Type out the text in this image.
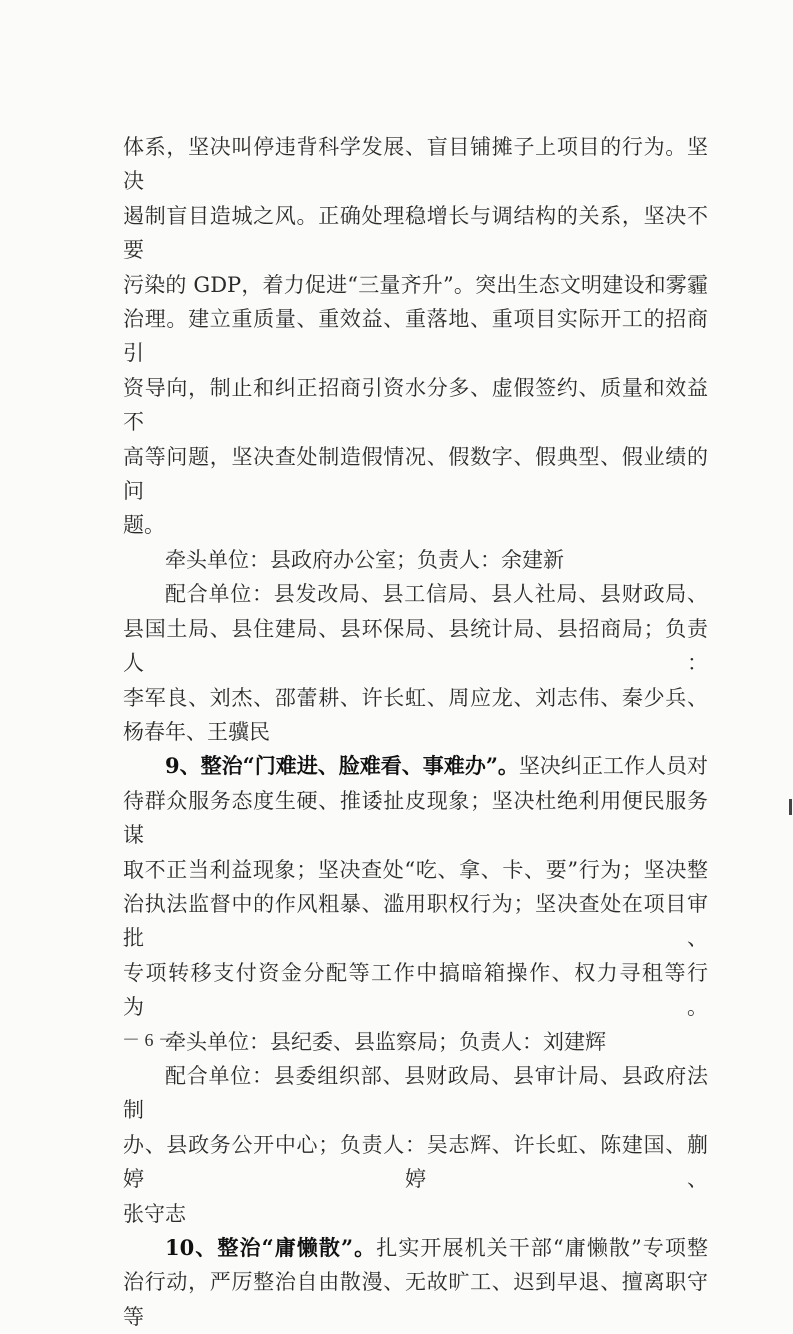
体系，坚决叫停违背科学发展、盲目铺摊子上项目的行为。坚决
遏制盲目造城之风。正确处理稳增长与调结构的关系，坚决不要
污染的 GDP，着力促进“三量齐升”。突出生态文明建设和雾霾
治理。建立重质量、重效益、重落地、重项目实际开工的招商引
资导向，制止和纠正招商引资水分多、虚假签约、质量和效益不
高等问题，坚决查处制造假情况、假数字、假典型、假业绩的问
题。
牵头单位：县政府办公室；负责人：余建新
配合单位：县发改局、县工信局、县人社局、县财政局、
县国土局、县住建局、县环保局、县统计局、县招商局；负责人：
李军良、刘杰、邵蕾耕、许长虹、周应龙、刘志伟、秦少兵、
杨春年、王骥民
9、整治“门难进、脸难看、事难办”。坚决纠正工作人员对
待群众服务态度生硬、推诿扯皮现象；坚决杜绝利用便民服务谋
取不正当利益现象；坚决查处“吃、拿、卡、要”行为；坚决整
治执法监督中的作风粗暴、滥用职权行为；坚决查处在项目审批、
专项转移支付资金分配等工作中搞暗箱操作、权力寻租等行为。
牵头单位：县纪委、县监察局；负责人：刘建辉
配合单位：县委组织部、县财政局、县审计局、县政府法制
办、县政务公开中心；负责人：吴志辉、许长虹、陈建国、蒯婷婷、
张守志
10、整治“庸懒散”。扎实开展机关干部“庸懒散”专项整
治行动，严厉整治自由散漫、无故旷工、迟到早退、擅离职守等
－ 6 －
